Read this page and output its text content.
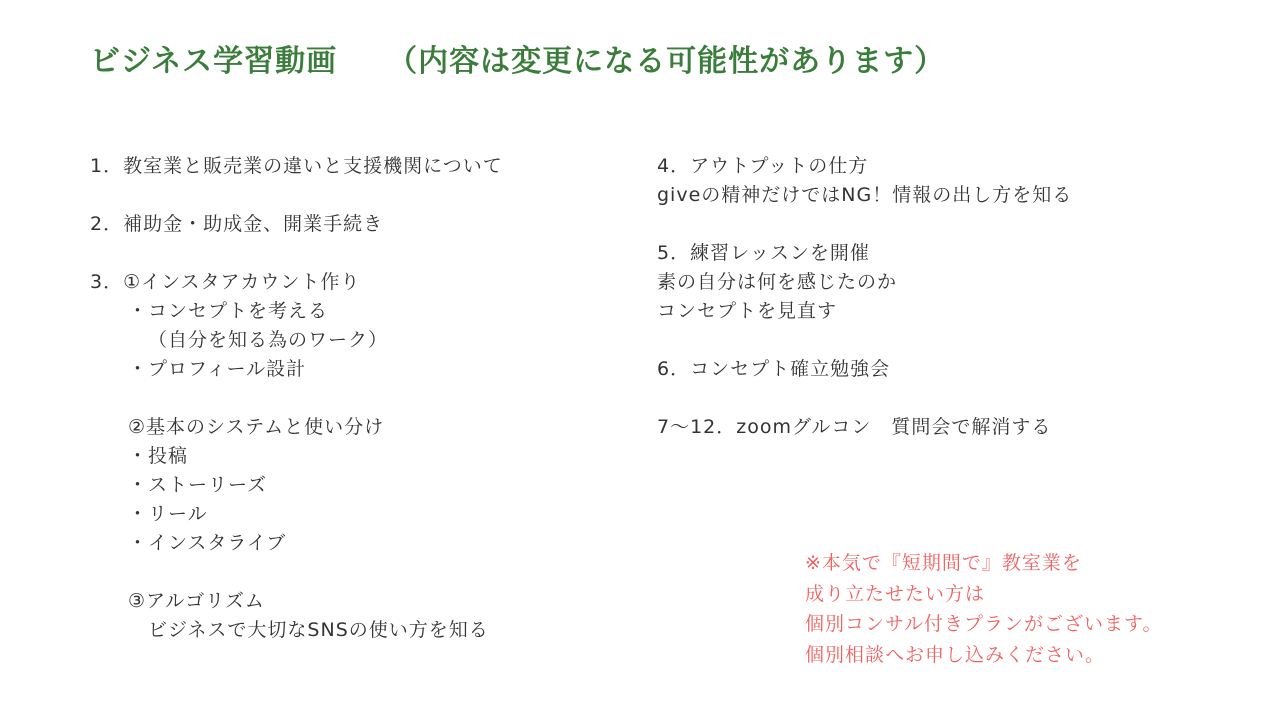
ビジネス学習動画 （内容は変更になる可能性があります）
1．教室業と販売業の違いと支援機関について
2．補助金・助成金、開業手続き
3．①インスタアカウント作り
・コンセプトを考える
（自分を知る為のワーク）
・プロフィール設計
②基本のシステムと使い分け
・投稿
・ストーリーズ
・リール
・インスタライブ
③アルゴリズム
ビジネスで大切なSNSの使い方を知る
4．アウトプットの仕方
giveの精神だけではNG！情報の出し方を知る
5．練習レッスンを開催
素の自分は何を感じたのか
コンセプトを見直す
6．コンセプト確立勉強会
7～12．zoomグルコン　質問会で解消する
※本気で『短期間で』教室業を
成り立たせたい方は
個別コンサル付きプランがございます。
個別相談へお申し込みください。
